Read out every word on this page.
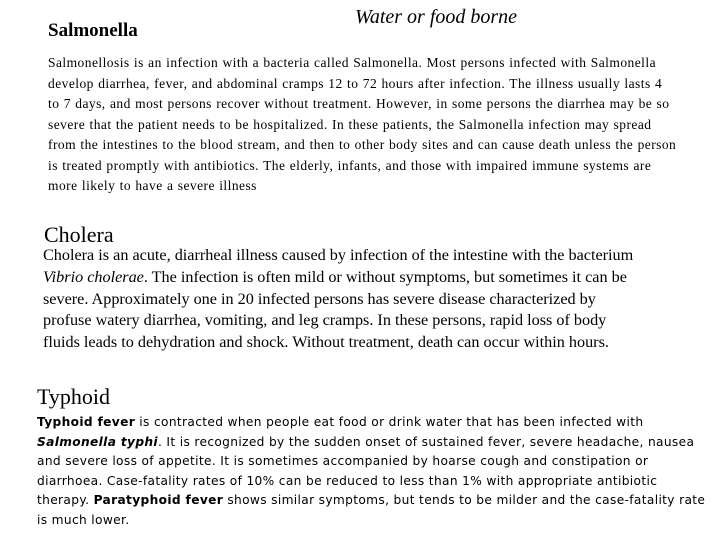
Salmonella
Water or food borne
Salmonellosis is an infection with a bacteria called Salmonella. Most persons infected with Salmonella
develop diarrhea, fever, and abdominal cramps 12 to 72 hours after infection. The illness usually lasts 4
to 7 days, and most persons recover without treatment. However, in some persons the diarrhea may be so
severe that the patient needs to be hospitalized. In these patients, the Salmonella infection may spread
from the intestines to the blood stream, and then to other body sites and can cause death unless the person
is treated promptly with antibiotics. The elderly, infants, and those with impaired immune systems are
more likely to have a severe illness
Cholera
Cholera is an acute, diarrheal illness caused by infection of the intestine with the bacterium
Vibrio cholerae. The infection is often mild or without symptoms, but sometimes it can be
severe. Approximately one in 20 infected persons has severe disease characterized by
profuse watery diarrhea, vomiting, and leg cramps. In these persons, rapid loss of body
fluids leads to dehydration and shock. Without treatment, death can occur within hours.
Typhoid
Typhoid fever is contracted when people eat food or drink water that has been infected with
Salmonella typhi. It is recognized by the sudden onset of sustained fever, severe headache, nausea
and severe loss of appetite. It is sometimes accompanied by hoarse cough and constipation or
diarrhoea. Case-fatality rates of 10% can be reduced to less than 1% with appropriate antibiotic
therapy. Paratyphoid fever shows similar symptoms, but tends to be milder and the case-fatality rate
is much lower.
